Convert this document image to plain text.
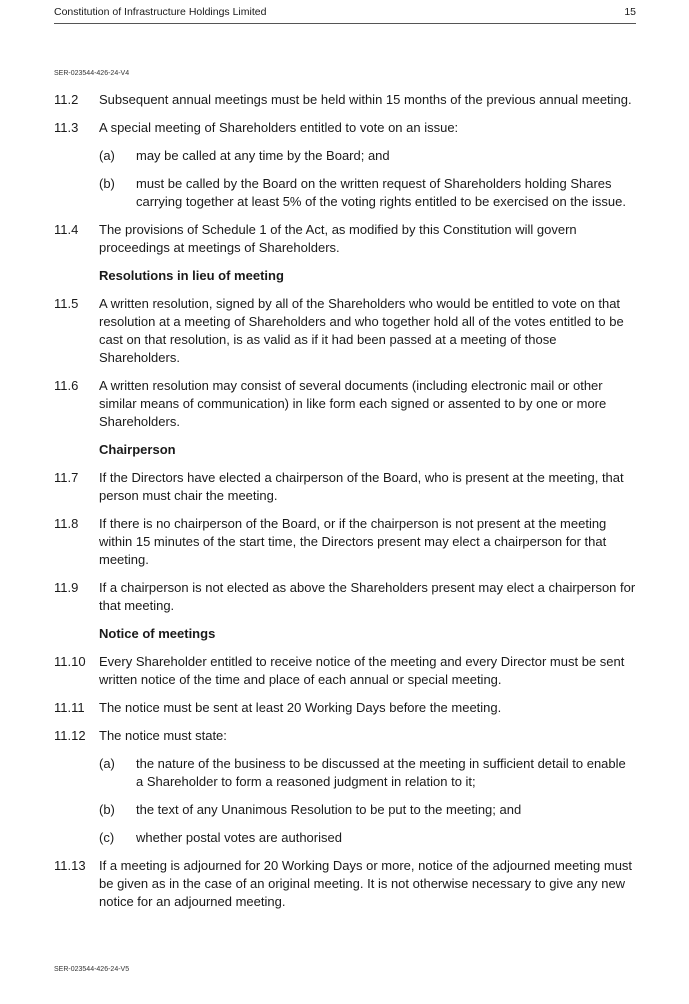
Constitution of Infrastructure Holdings Limited	15
SER-023544-426-24-V4
11.2 Subsequent annual meetings must be held within 15 months of the previous annual meeting.
11.3 A special meeting of Shareholders entitled to vote on an issue:
(a) may be called at any time by the Board; and
(b) must be called by the Board on the written request of Shareholders holding Shares carrying together at least 5% of the voting rights entitled to be exercised on the issue.
11.4 The provisions of Schedule 1 of the Act, as modified by this Constitution will govern proceedings at meetings of Shareholders.
Resolutions in lieu of meeting
11.5 A written resolution, signed by all of the Shareholders who would be entitled to vote on that resolution at a meeting of Shareholders and who together hold all of the votes entitled to be cast on that resolution, is as valid as if it had been passed at a meeting of those Shareholders.
11.6 A written resolution may consist of several documents (including electronic mail or other similar means of communication) in like form each signed or assented to by one or more Shareholders.
Chairperson
11.7 If the Directors have elected a chairperson of the Board, who is present at the meeting, that person must chair the meeting.
11.8 If there is no chairperson of the Board, or if the chairperson is not present at the meeting within 15 minutes of the start time, the Directors present may elect a chairperson for that meeting.
11.9 If a chairperson is not elected as above the Shareholders present may elect a chairperson for that meeting.
Notice of meetings
11.10 Every Shareholder entitled to receive notice of the meeting and every Director must be sent written notice of the time and place of each annual or special meeting.
11.11 The notice must be sent at least 20 Working Days before the meeting.
11.12 The notice must state:
(a) the nature of the business to be discussed at the meeting in sufficient detail to enable a Shareholder to form a reasoned judgment in relation to it;
(b) the text of any Unanimous Resolution to be put to the meeting; and
(c) whether postal votes are authorised
11.13 If a meeting is adjourned for 20 Working Days or more, notice of the adjourned meeting must be given as in the case of an original meeting. It is not otherwise necessary to give any new notice for an adjourned meeting.
SER-023544-426-24-V5
